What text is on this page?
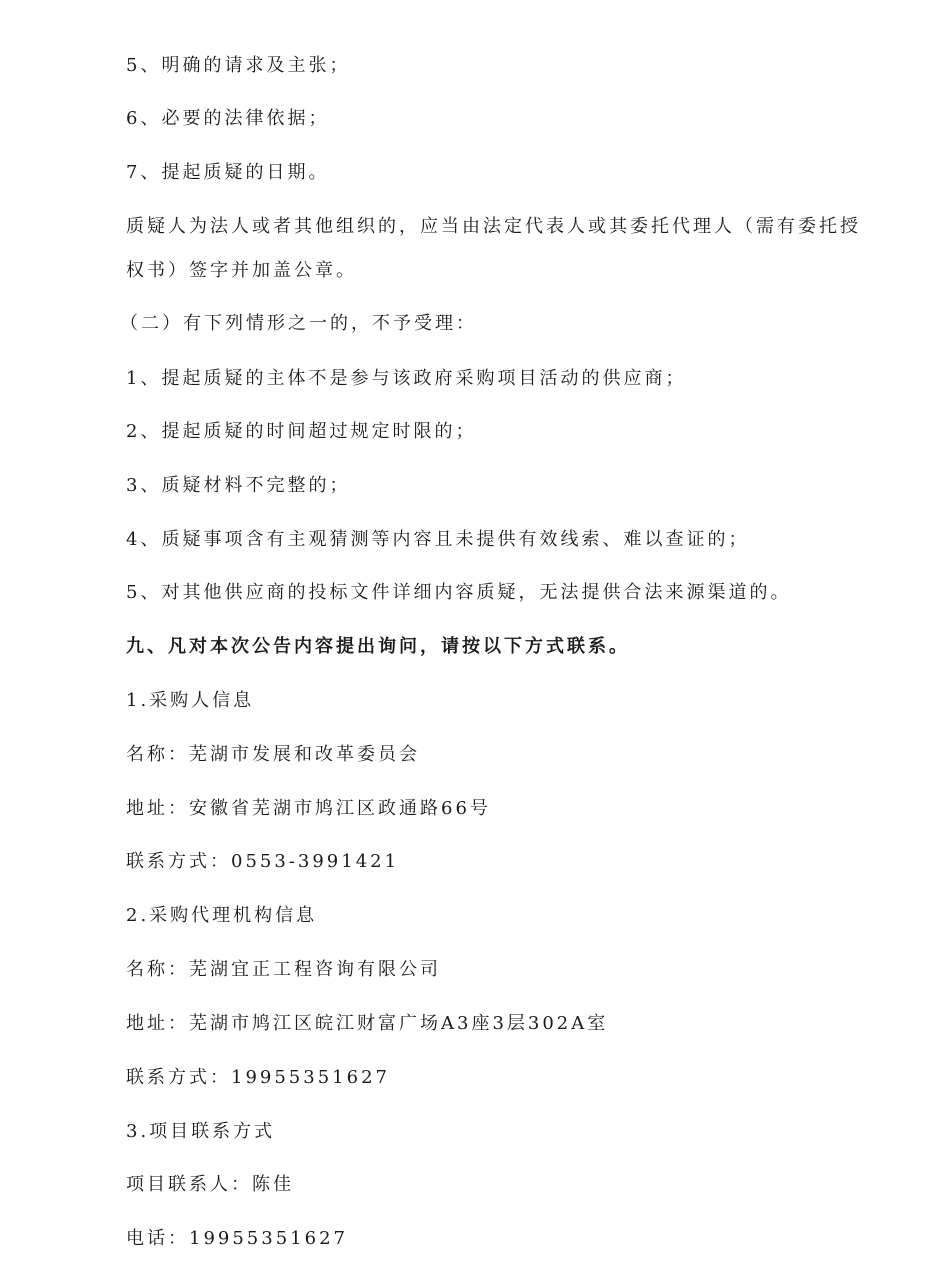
5、明确的请求及主张；
6、必要的法律依据；
7、提起质疑的日期。
质疑人为法人或者其他组织的，应当由法定代表人或其委托代理人（需有委托授
权书）签字并加盖公章。
（二）有下列情形之一的，不予受理：
1、提起质疑的主体不是参与该政府采购项目活动的供应商；
2、提起质疑的时间超过规定时限的；
3、质疑材料不完整的；
4、质疑事项含有主观猜测等内容且未提供有效线索、难以查证的；
5、对其他供应商的投标文件详细内容质疑，无法提供合法来源渠道的。
九、凡对本次公告内容提出询问，请按以下方式联系。
1.采购人信息
名称：芜湖市发展和改革委员会
地址：安徽省芜湖市鸠江区政通路66号
联系方式：0553-3991421
2.采购代理机构信息
名称：芜湖宜正工程咨询有限公司
地址：芜湖市鸠江区皖江财富广场A3座3层302A室
联系方式：19955351627
3.项目联系方式
项目联系人：陈佳
电话：19955351627
